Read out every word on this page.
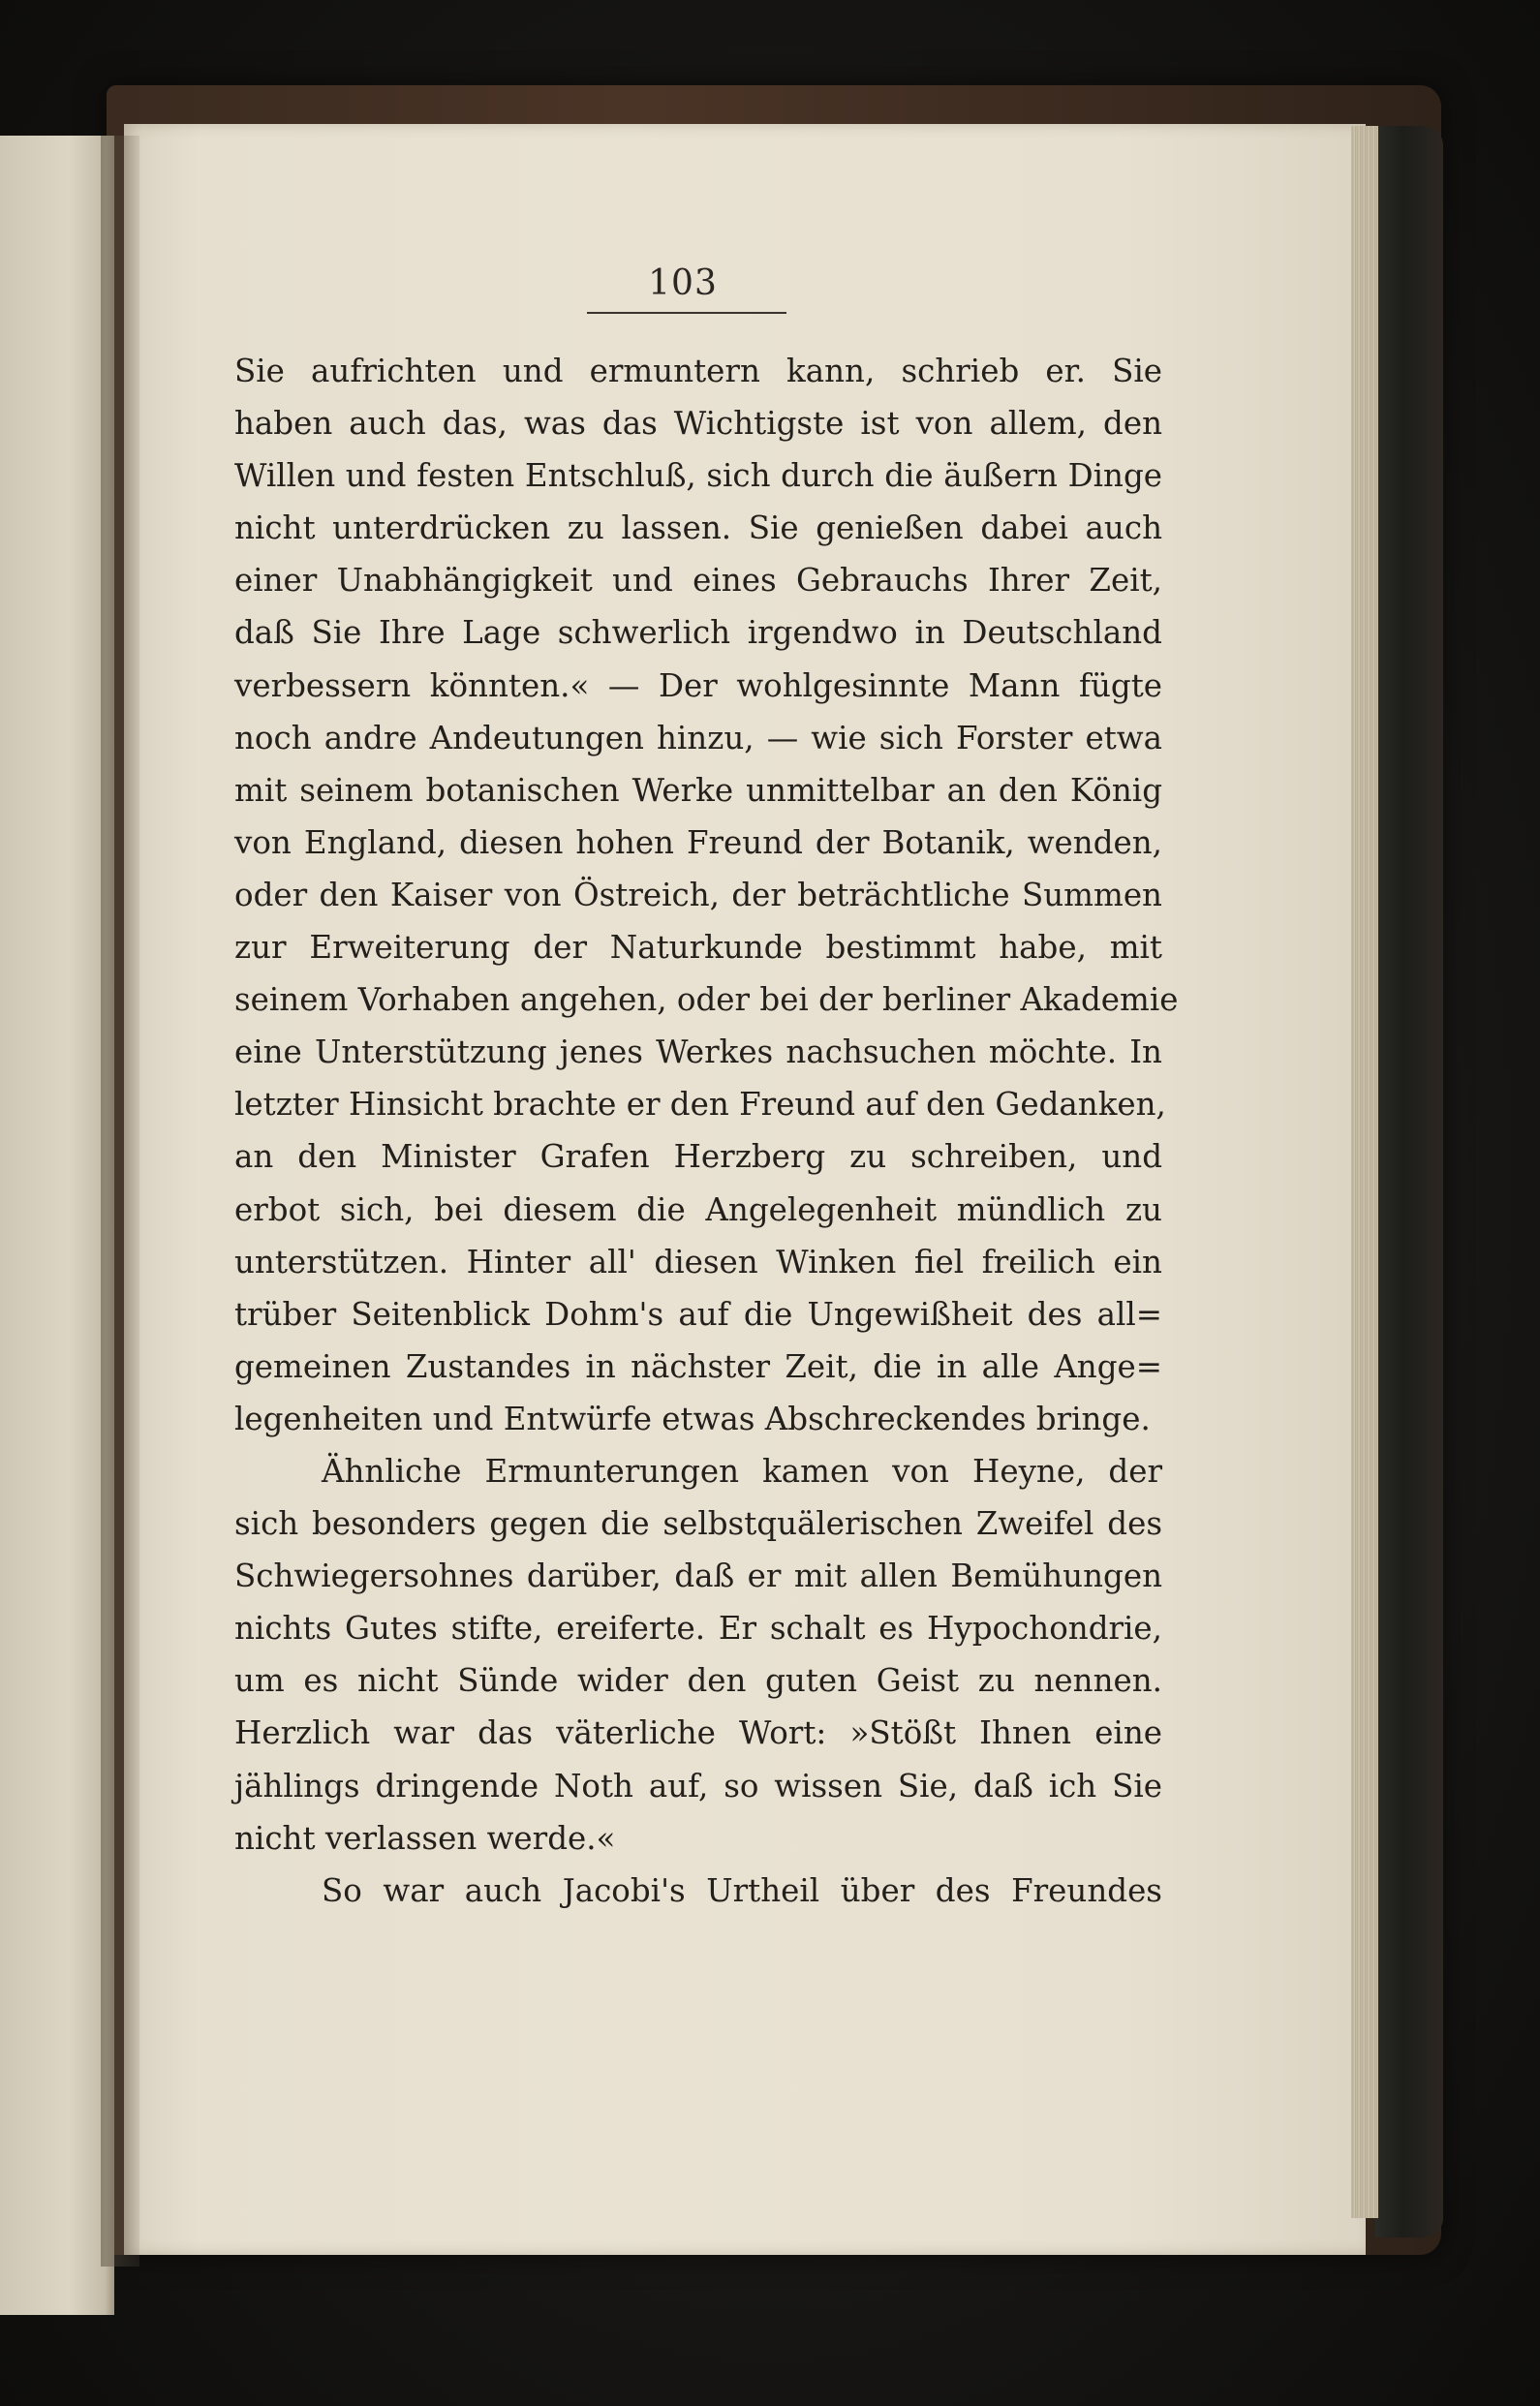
103
Sie aufrichten und ermuntern kann, schrieb er. Sie
haben auch das, was das Wichtigste ist von allem, den
Willen und festen Entschluß, sich durch die äußern Dinge
nicht unterdrücken zu lassen. Sie genießen dabei auch
einer Unabhängigkeit und eines Gebrauchs Ihrer Zeit,
daß Sie Ihre Lage schwerlich irgendwo in Deutschland
verbessern könnten.« — Der wohlgesinnte Mann fügte
noch andre Andeutungen hinzu, — wie sich Forster etwa
mit seinem botanischen Werke unmittelbar an den König
von England, diesen hohen Freund der Botanik, wenden,
oder den Kaiser von Östreich, der beträchtliche Summen
zur Erweiterung der Naturkunde bestimmt habe, mit
seinem Vorhaben angehen, oder bei der berliner Akademie
eine Unterstützung jenes Werkes nachsuchen möchte. In
letzter Hinsicht brachte er den Freund auf den Gedanken,
an den Minister Grafen Herzberg zu schreiben, und
erbot sich, bei diesem die Angelegenheit mündlich zu
unterstützen. Hinter all' diesen Winken fiel freilich ein
trüber Seitenblick Dohm's auf die Ungewißheit des all=
gemeinen Zustandes in nächster Zeit, die in alle Ange=
legenheiten und Entwürfe etwas Abschreckendes bringe.
Ähnliche Ermunterungen kamen von Heyne, der
sich besonders gegen die selbstquälerischen Zweifel des
Schwiegersohnes darüber, daß er mit allen Bemühungen
nichts Gutes stifte, ereiferte. Er schalt es Hypochondrie,
um es nicht Sünde wider den guten Geist zu nennen.
Herzlich war das väterliche Wort: »Stößt Ihnen eine
jählings dringende Noth auf, so wissen Sie, daß ich Sie
nicht verlassen werde.«
So war auch Jacobi's Urtheil über des Freundes
